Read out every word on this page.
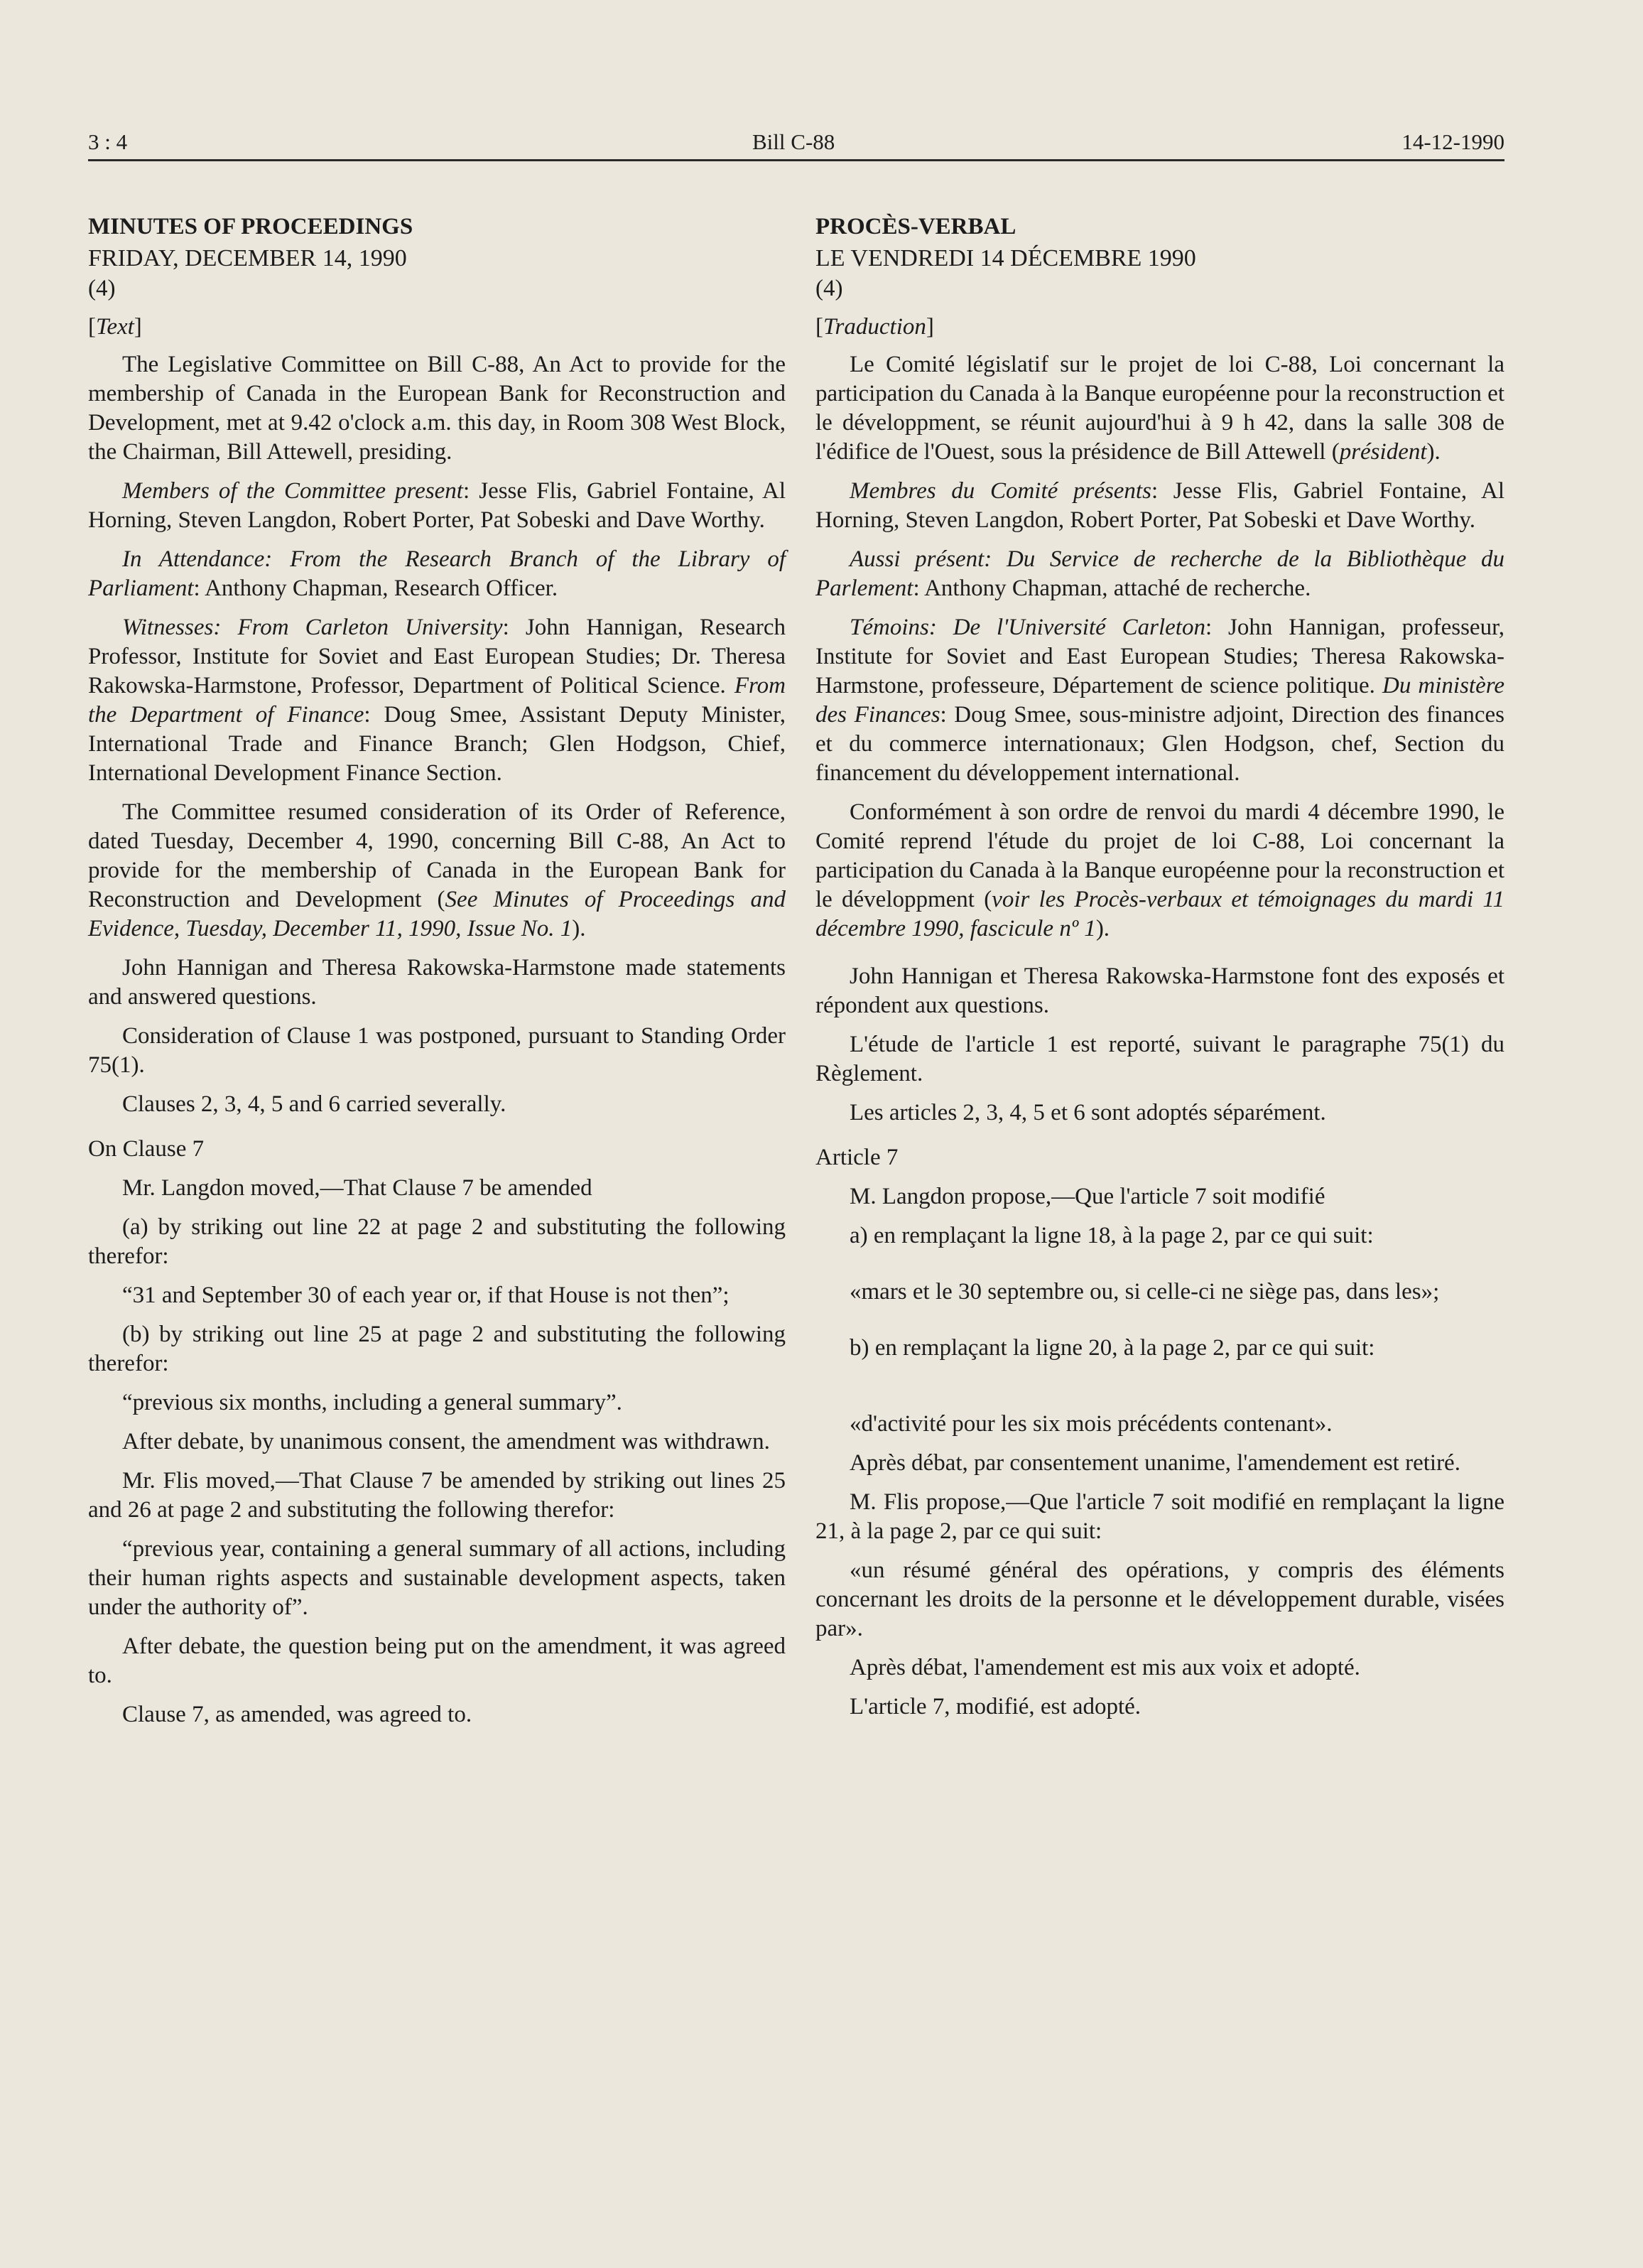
3 : 4	Bill C-88	14-12-1990
MINUTES OF PROCEEDINGS
FRIDAY, DECEMBER 14, 1990
(4)
[Text]

The Legislative Committee on Bill C-88, An Act to provide for the membership of Canada in the European Bank for Reconstruction and Development, met at 9.42 o'clock a.m. this day, in Room 308 West Block, the Chairman, Bill Attewell, presiding.

Members of the Committee present: Jesse Flis, Gabriel Fontaine, Al Horning, Steven Langdon, Robert Porter, Pat Sobeski and Dave Worthy.

In Attendance: From the Research Branch of the Library of Parliament: Anthony Chapman, Research Officer.

Witnesses: From Carleton University: John Hannigan, Research Professor, Institute for Soviet and East European Studies; Dr. Theresa Rakowska-Harmstone, Professor, Department of Political Science. From the Department of Finance: Doug Smee, Assistant Deputy Minister, International Trade and Finance Branch; Glen Hodgson, Chief, International Development Finance Section.

The Committee resumed consideration of its Order of Reference, dated Tuesday, December 4, 1990, concerning Bill C-88, An Act to provide for the membership of Canada in the European Bank for Reconstruction and Development (See Minutes of Proceedings and Evidence, Tuesday, December 11, 1990, Issue No. 1).

John Hannigan and Theresa Rakowska-Harmstone made statements and answered questions.

Consideration of Clause 1 was postponed, pursuant to Standing Order 75(1).

Clauses 2, 3, 4, 5 and 6 carried severally.

On Clause 7

Mr. Langdon moved,—That Clause 7 be amended

(a) by striking out line 22 at page 2 and substituting the following therefor:

“31 and September 30 of each year or, if that House is not then”;

(b) by striking out line 25 at page 2 and substituting the following therefor:

“previous six months, including a general summary”.

After debate, by unanimous consent, the amendment was withdrawn.

Mr. Flis moved,—That Clause 7 be amended by striking out lines 25 and 26 at page 2 and substituting the following therefor:

“previous year, containing a general summary of all actions, including their human rights aspects and sustainable development aspects, taken under the authority of”.

After debate, the question being put on the amendment, it was agreed to.

Clause 7, as amended, was agreed to.

PROCÈS-VERBAL
LE VENDREDI 14 DÉCEMBRE 1990
(4)
[Traduction]

Le Comité législatif sur le projet de loi C-88, Loi concernant la participation du Canada à la Banque européenne pour la reconstruction et le développment, se réunit aujourd'hui à 9 h 42, dans la salle 308 de l'édifice de l'Ouest, sous la présidence de Bill Attewell (président).

Membres du Comité présents: Jesse Flis, Gabriel Fontaine, Al Horning, Steven Langdon, Robert Porter, Pat Sobeski et Dave Worthy.

Aussi présent: Du Service de recherche de la Bibliothèque du Parlement: Anthony Chapman, attaché de recherche.

Témoins: De l'Université Carleton: John Hannigan, professeur, Institute for Soviet and East European Studies; Theresa Rakowska-Harmstone, professeure, Département de science politique. Du ministère des Finances: Doug Smee, sous-ministre adjoint, Direction des finances et du commerce internationaux; Glen Hodgson, chef, Section du financement du développement international.

Conformément à son ordre de renvoi du mardi 4 décembre 1990, le Comité reprend l'étude du projet de loi C-88, Loi concernant la participation du Canada à la Banque européenne pour la reconstruction et le développment (voir les Procès-verbaux et témoignages du mardi 11 décembre 1990, fascicule nº 1).

John Hannigan et Theresa Rakowska-Harmstone font des exposés et répondent aux questions.

L'étude de l'article 1 est reporté, suivant le paragraphe 75(1) du Règlement.

Les articles 2, 3, 4, 5 et 6 sont adoptés séparément.

Article 7

M. Langdon propose,—Que l'article 7 soit modifié

a) en remplaçant la ligne 18, à la page 2, par ce qui suit:

«mars et le 30 septembre ou, si celle-ci ne siège pas, dans les»;

b) en remplaçant la ligne 20, à la page 2, par ce qui suit:

«d'activité pour les six mois précédents contenant».

Après débat, par consentement unanime, l'amendement est retiré.

M. Flis propose,—Que l'article 7 soit modifié en remplaçant la ligne 21, à la page 2, par ce qui suit:

«un résumé général des opérations, y compris des éléments concernant les droits de la personne et le développement durable, visées par».

Après débat, l'amendement est mis aux voix et adopté.

L'article 7, modifié, est adopté.
